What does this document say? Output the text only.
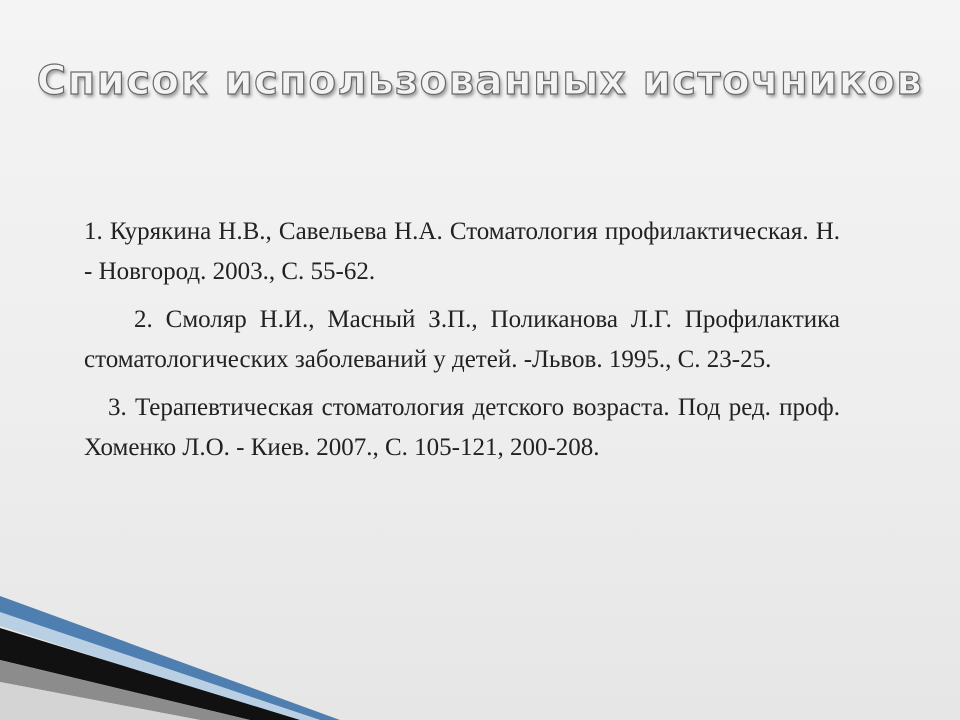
Список использованных источников

1. Курякина Н.В., Савельева Н.А. Стоматология профилактическая. Н. - Новгород. 2003., С. 55-62.

2. Смоляр Н.И., Масный З.П., Поликанова Л.Г. Профилактика стоматологических заболеваний у детей. -Львов. 1995., С. 23-25.

3. Терапевтическая стоматология детского возраста. Под ред. проф. Хоменко Л.О. - Киев. 2007., С. 105-121, 200-208.
